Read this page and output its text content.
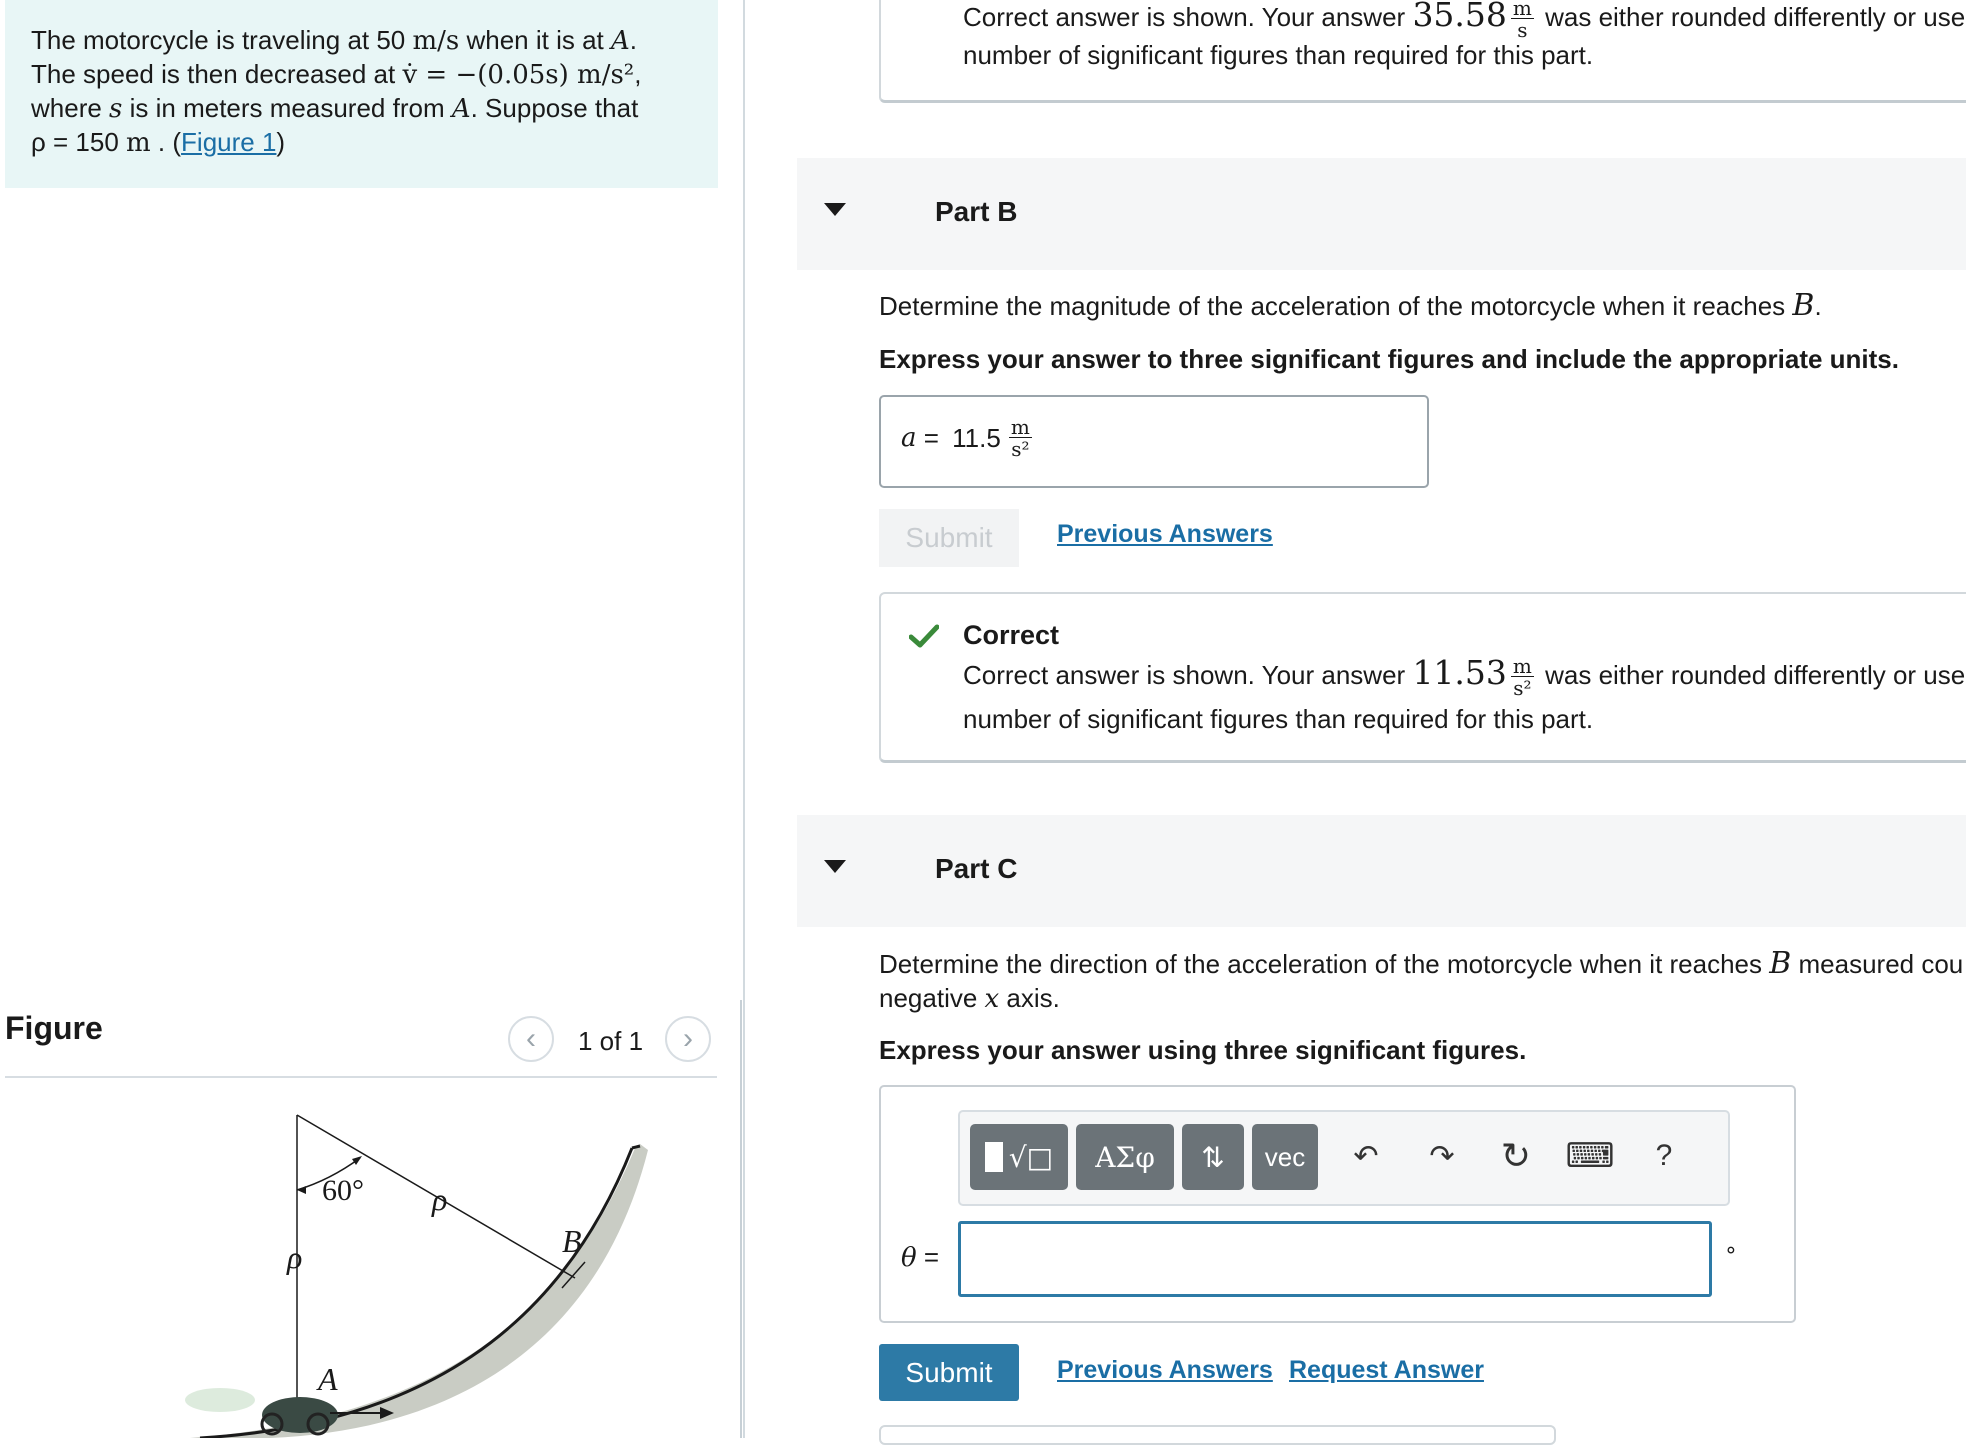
The motorcycle is traveling at 50 m/s when it is at A.
The speed is then decreased at v̇ = −(0.05s) m/s²,
where s is in meters measured from A. Suppose that
ρ = 150 m . (Figure 1)
Figure	‹ 1 of 1 ›
60°
ρ
ρ
B
A
Correct answer is shown. Your answer $35.58 \frac{m}{s}$ was either rounded differently or use
number of significant figures than required for this part.
Part B
Determine the magnitude of the acceleration of the motorcycle when it reaches B.
Express your answer to three significant figures and include the appropriate units.
$a = 11.5 \frac{m}{\text{s²}}$
Submit	Previous Answers
Correct
Correct answer is shown. Your answer $11.53 \frac{m}{\text{s²}}$ was either rounded differently or use
number of significant figures than required for this part.
Part C
Determine the direction of the acceleration of the motorcycle when it reaches B measured cou
negative x axis.
Express your answer using three significant figures.
√□	ΑΣφ	⇅	vec	↶	↷	↻ ⌨	?
θ =	∘
Submit	Previous Answers Request Answer
